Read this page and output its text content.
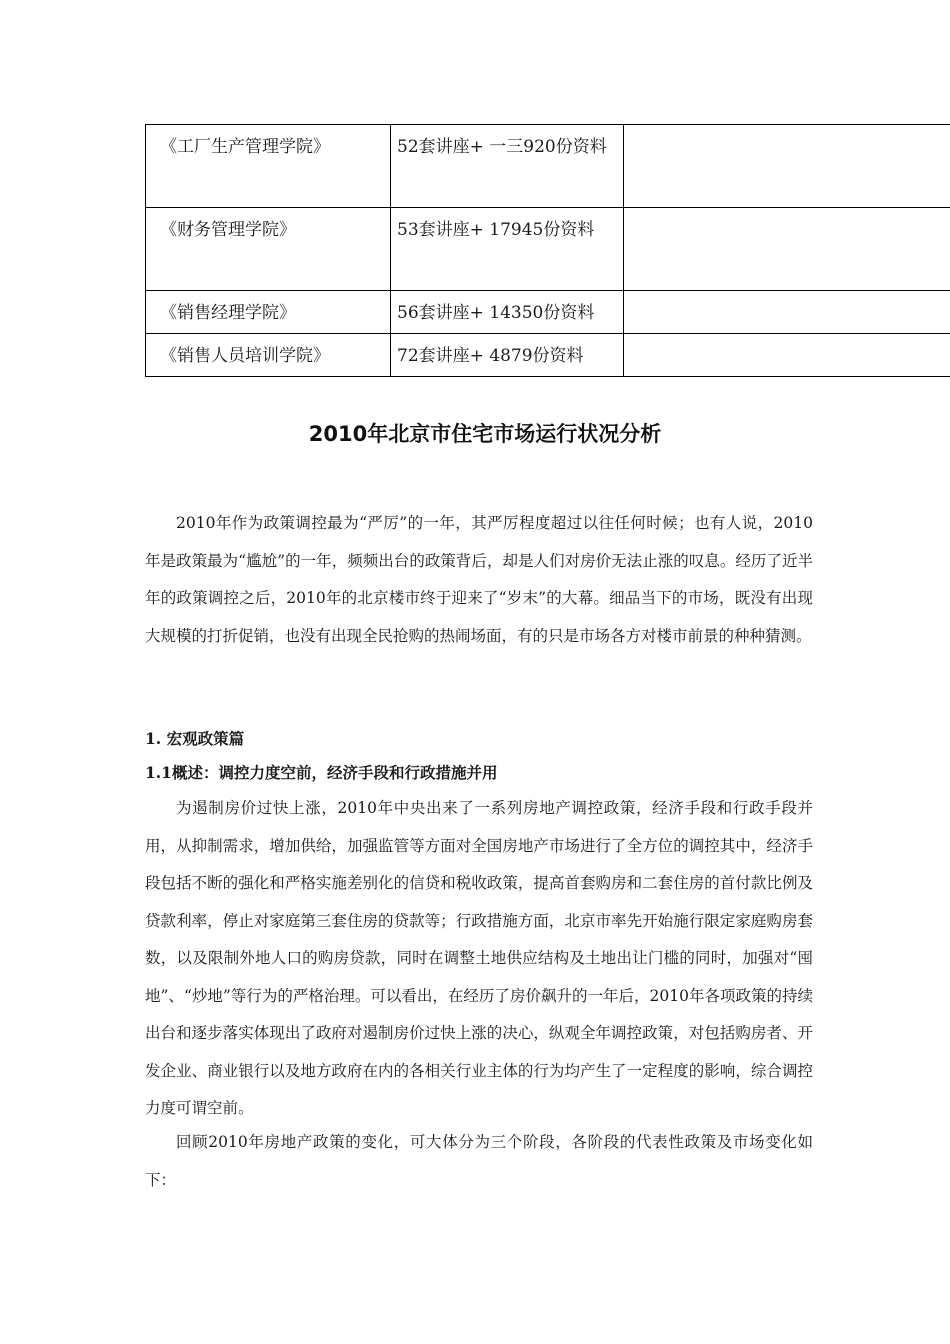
《工厂生产管理学院》	52套讲座+ 一三920份资料	
《财务管理学院》	53套讲座+ 17945份资料	
《销售经理学院》	56套讲座+ 14350份资料	
《销售人员培训学院》	72套讲座+ 4879份资料	
2010年北京市住宅市场运行状况分析

2010年作为政策调控最为“严厉”的一年，其严厉程度超过以往任何时候；也有人说，2010年是政策最为“尴尬”的一年，频频出台的政策背后，却是人们对房价无法止涨的叹息。经历了近半年的政策调控之后，2010年的北京楼市终于迎来了“岁末”的大幕。细品当下的市场，既没有出现大规模的打折促销，也没有出现全民抢购的热闹场面，有的只是市场各方对楼市前景的种种猜测。

1. 宏观政策篇
1.1概述：调控力度空前，经济手段和行政措施并用

为遏制房价过快上涨，2010年中央出来了一系列房地产调控政策，经济手段和行政手段并用，从抑制需求，增加供给，加强监管等方面对全国房地产市场进行了全方位的调控其中，经济手段包括不断的强化和严格实施差别化的信贷和税收政策，提高首套购房和二套住房的首付款比例及贷款利率，停止对家庭第三套住房的贷款等；行政措施方面，北京市率先开始施行限定家庭购房套数，以及限制外地人口的购房贷款，同时在调整土地供应结构及土地出让门槛的同时，加强对“囤地”、“炒地”等行为的严格治理。可以看出，在经历了房价飙升的一年后，2010年各项政策的持续出台和逐步落实体现出了政府对遏制房价过快上涨的决心，纵观全年调控政策，对包括购房者、开发企业、商业银行以及地方政府在内的各相关行业主体的行为均产生了一定程度的影响，综合调控力度可谓空前。

回顾2010年房地产政策的变化，可大体分为三个阶段，各阶段的代表性政策及市场变化如下：
